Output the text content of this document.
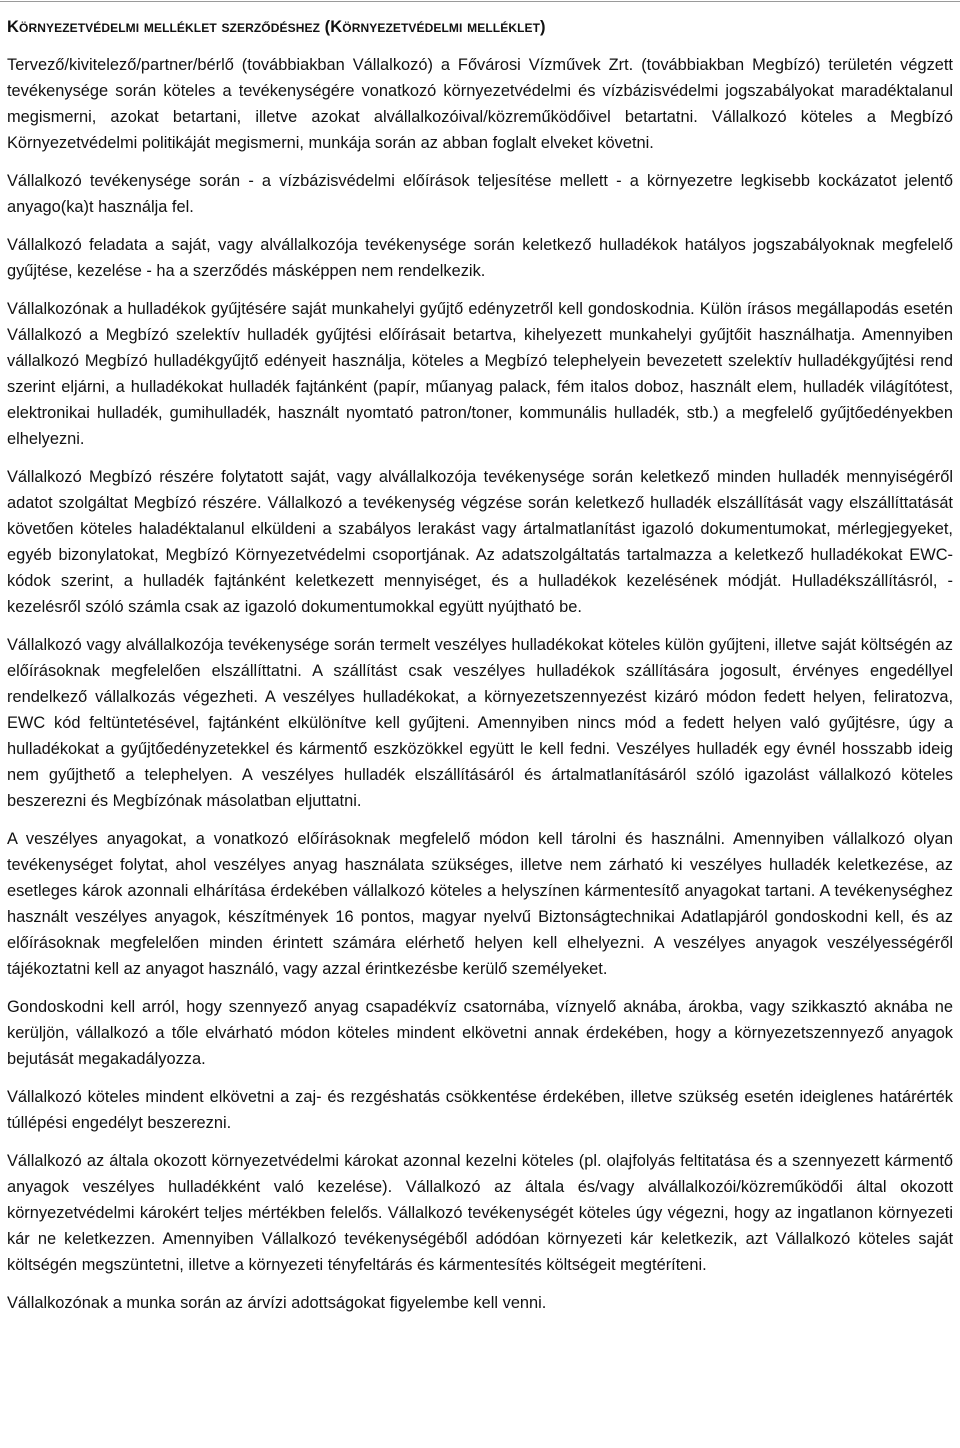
Környezetvédelmi melléklet szerződéshez (Környezetvédelmi melléklet)

Tervező/kivitelező/partner/bérlő (továbbiakban Vállalkozó) a Fővárosi Vízművek Zrt. (továbbiakban Megbízó) területén végzett tevékenysége során köteles a tevékenységére vonatkozó környezetvédelmi és vízbázisvédelmi jogszabályokat maradéktalanul megismerni, azokat betartani, illetve azokat alvállalkozóival/közreműködőivel betartatni. Vállalkozó köteles a Megbízó Környezetvédelmi politikáját megismerni, munkája során az abban foglalt elveket követni.

Vállalkozó tevékenysége során - a vízbázisvédelmi előírások teljesítése mellett - a környezetre legkisebb kockázatot jelentő anyago(ka)t használja fel.

Vállalkozó feladata a saját, vagy alvállalkozója tevékenysége során keletkező hulladékok hatályos jogszabályoknak megfelelő gyűjtése, kezelése - ha a szerződés másképpen nem rendelkezik.

Vállalkozónak a hulladékok gyűjtésére saját munkahelyi gyűjtő edényzetről kell gondoskodnia. Külön írásos megállapodás esetén Vállalkozó a Megbízó szelektív hulladék gyűjtési előírásait betartva, kihelyezett munkahelyi gyűjtőit használhatja. Amennyiben vállalkozó Megbízó hulladékgyűjtő edényeit használja, köteles a Megbízó telephelyein bevezetett szelektív hulladékgyűjtési rend szerint eljárni, a hulladékokat hulladék fajtánként (papír, műanyag palack, fém italos doboz, használt elem, hulladék világítótest, elektronikai hulladék, gumihulladék, használt nyomtató patron/toner, kommunális hulladék, stb.) a megfelelő gyűjtőedényekben elhelyezni.

Vállalkozó Megbízó részére folytatott saját, vagy alvállalkozója tevékenysége során keletkező minden hulladék mennyiségéről adatot szolgáltat Megbízó részére. Vállalkozó a tevékenység végzése során keletkező hulladék elszállítását vagy elszállíttatását követően köteles haladéktalanul elküldeni a szabályos lerakást vagy ártalmatlanítást igazoló dokumentumokat, mérlegjegyeket, egyéb bizonylatokat, Megbízó Környezetvédelmi csoportjának. Az adatszolgáltatás tartalmazza a keletkező hulladékokat EWC-kódok szerint, a hulladék fajtánként keletkezett mennyiséget, és a hulladékok kezelésének módját. Hulladékszállításról, -kezelésről szóló számla csak az igazoló dokumentumokkal együtt nyújtható be.

Vállalkozó vagy alvállalkozója tevékenysége során termelt veszélyes hulladékokat köteles külön gyűjteni, illetve saját költségén az előírásoknak megfelelően elszállíttatni. A szállítást csak veszélyes hulladékok szállítására jogosult, érvényes engedéllyel rendelkező vállalkozás végezheti. A veszélyes hulladékokat, a környezetszennyezést kizáró módon fedett helyen, feliratozva, EWC kód feltüntetésével, fajtánként elkülönítve kell gyűjteni. Amennyiben nincs mód a fedett helyen való gyűjtésre, úgy a hulladékokat a gyűjtőedényzetekkel és kármentő eszközökkel együtt le kell fedni. Veszélyes hulladék egy évnél hosszabb ideig nem gyűjthető a telephelyen. A veszélyes hulladék elszállításáról és ártalmatlanításáról szóló igazolást vállalkozó köteles beszerezni és Megbízónak másolatban eljuttatni.

A veszélyes anyagokat, a vonatkozó előírásoknak megfelelő módon kell tárolni és használni. Amennyiben vállalkozó olyan tevékenységet folytat, ahol veszélyes anyag használata szükséges, illetve nem zárható ki veszélyes hulladék keletkezése, az esetleges károk azonnali elhárítása érdekében vállalkozó köteles a helyszínen kármentesítő anyagokat tartani. A tevékenységhez használt veszélyes anyagok, készítmények 16 pontos, magyar nyelvű Biztonságtechnikai Adatlapjáról gondoskodni kell, és az előírásoknak megfelelően minden érintett számára elérhető helyen kell elhelyezni. A veszélyes anyagok veszélyességéről tájékoztatni kell az anyagot használó, vagy azzal érintkezésbe kerülő személyeket.

Gondoskodni kell arról, hogy szennyező anyag csapadékvíz csatornába, víznyelő aknába, árokba, vagy szikkasztó aknába ne kerüljön, vállalkozó a tőle elvárható módon köteles mindent elkövetni annak érdekében, hogy a környezetszennyező anyagok bejutását megakadályozza.

Vállalkozó köteles mindent elkövetni a zaj- és rezgéshatás csökkentése érdekében, illetve szükség esetén ideiglenes határérték túllépési engedélyt beszerezni.

Vállalkozó az általa okozott környezetvédelmi károkat azonnal kezelni köteles (pl. olajfolyás feltitatása és a szennyezett kármentő anyagok veszélyes hulladékként való kezelése). Vállalkozó az általa és/vagy alvállalkozói/közreműködői által okozott környezetvédelmi károkért teljes mértékben felelős. Vállalkozó tevékenységét köteles úgy végezni, hogy az ingatlanon környezeti kár ne keletkezzen. Amennyiben Vállalkozó tevékenységéből adódóan környezeti kár keletkezik, azt Vállalkozó köteles saját költségén megszüntetni, illetve a környezeti tényfeltárás és kármentesítés költségeit megtéríteni.

Vállalkozónak a munka során az árvízi adottságokat figyelembe kell venni.
